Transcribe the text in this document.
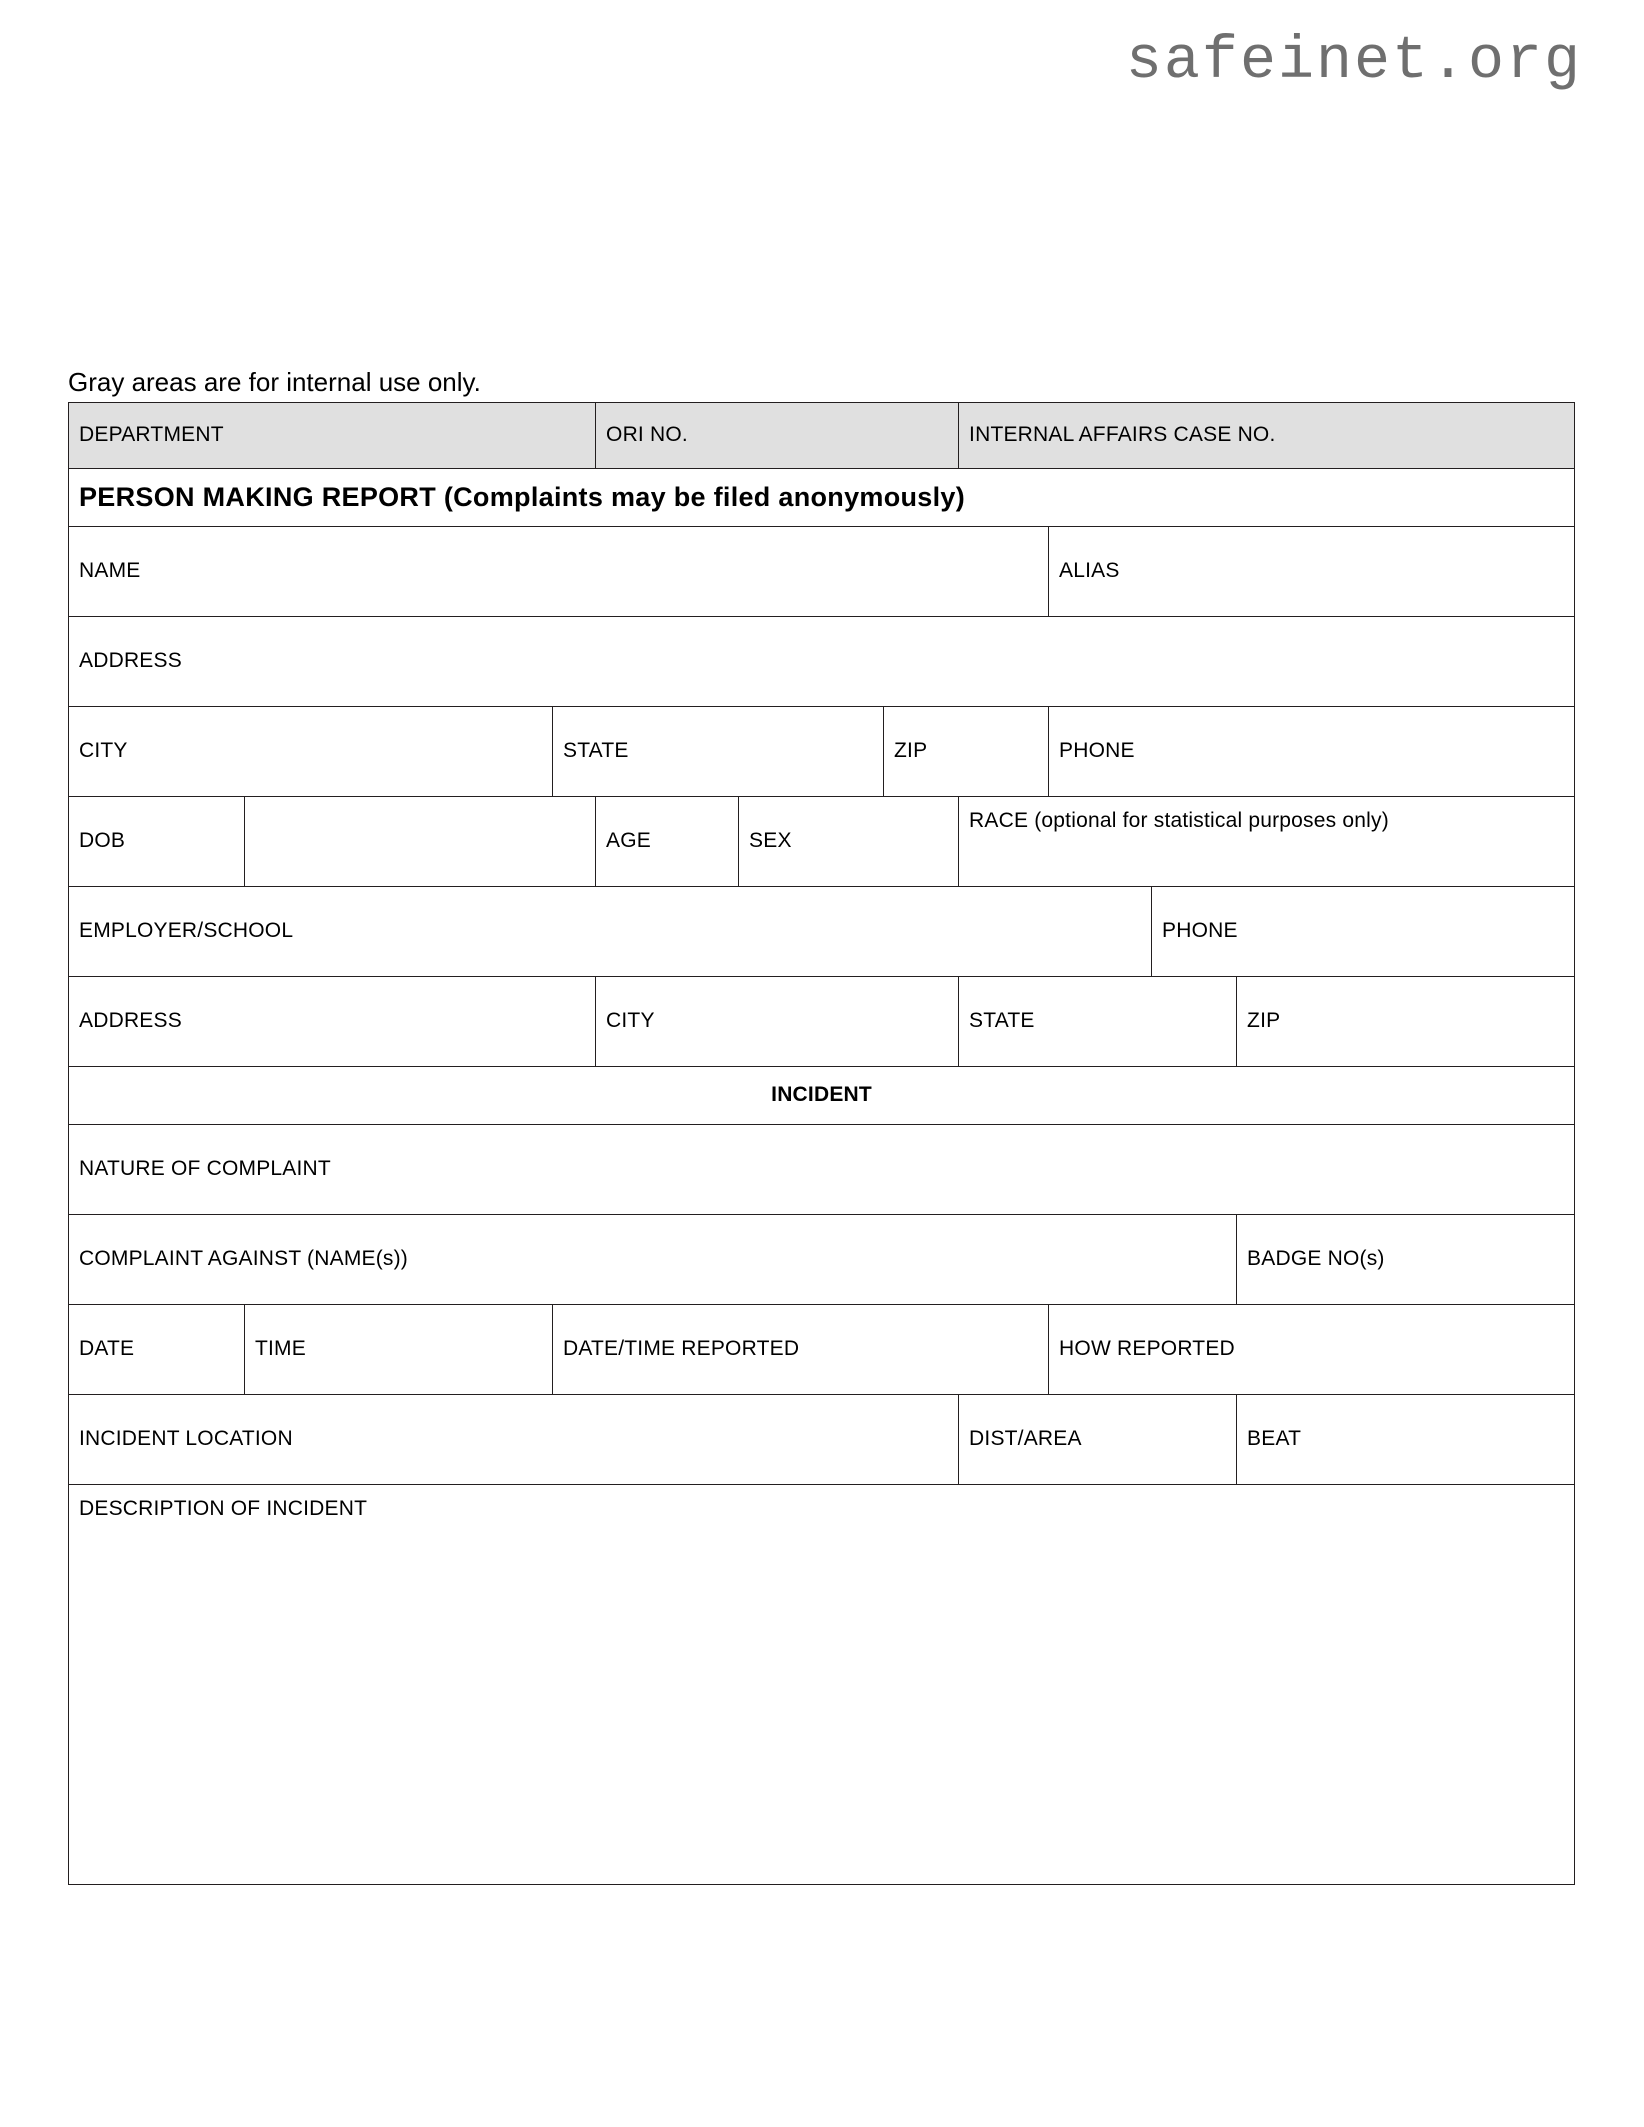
safeinet.org
Gray areas are for internal use only.
DEPARTMENT			ORI NO.			INTERNAL AFFAIRS CASE NO.			

PERSON MAKING REPORT (Complaints may be filed anonymously)									

NAME							ALIAS		

ADDRESS									

CITY		STATE			ZIP		PHONE		

DOB			AGE	SEX		RACE (optional for statistical purposes only)			

EMPLOYER/SCHOOL								PHONE	

ADDRESS			CITY			STATE			ZIP

INCIDENT									

NATURE OF COMPLAINT									

COMPLAINT AGAINST (NAME(s))									BADGE NO(s)

DATE	TIME	DATE/TIME REPORTED					HOW REPORTED		

INCIDENT LOCATION						DIST/AREA			BEAT

DESCRIPTION OF INCIDENT									
